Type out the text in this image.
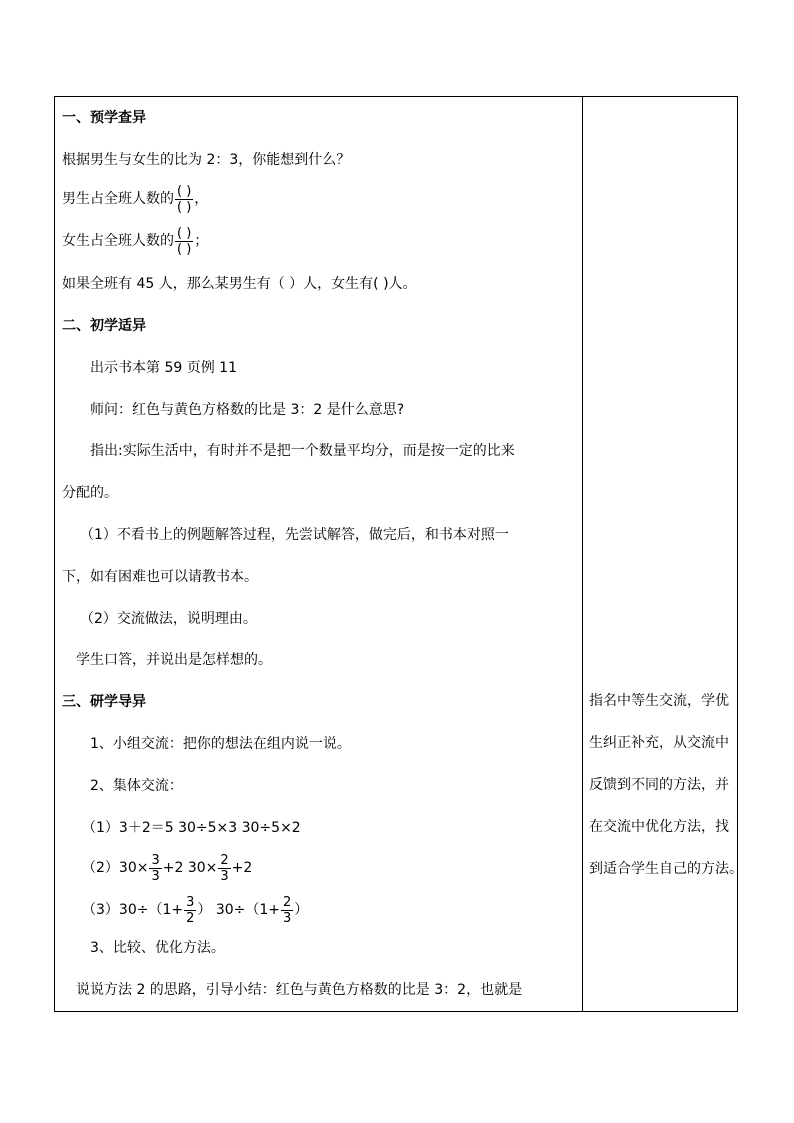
一、预学查异
根据男生与女生的比为 2：3，你能想到什么？
男生占全班人数的 $\frac{( )}{( )}$ ，
女生占全班人数的 $\frac{( )}{( )}$ ；
如果全班有 45 人，那么某男生有（ ）人，女生有( )人。
二、初学适异
出示书本第 59 页例 11
师问：红色与黄色方格数的比是 3：2 是什么意思?
指出:实际生活中，有时并不是把一个数量平均分，而是按一定的比来
分配的。
（1）不看书上的例题解答过程，先尝试解答，做完后，和书本对照一
下，如有困难也可以请教书本。
（2）交流做法，说明理由。
学生口答，并说出是怎样想的。
三、研学导异
1、小组交流：把你的想法在组内说一说。
2、集体交流：
（1）3＋2＝5 30÷5×3 30÷5×2
$(2)30\times \frac{3}{3} +2$ $30\times \frac{2}{3} +2$
$(3)30\div(1+ \frac{3}{2}$ ） $30\div(1+ \frac{2}{3}$ ）
3、比较、优化方法。
说说方法 2 的思路，引导小结：红色与黄色方格数的比是 3：2，也就是
指名中等生交流，学优
生纠正补充，从交流中
反馈到不同的方法，并
在交流中优化方法，找
到适合学生自己的方法。
